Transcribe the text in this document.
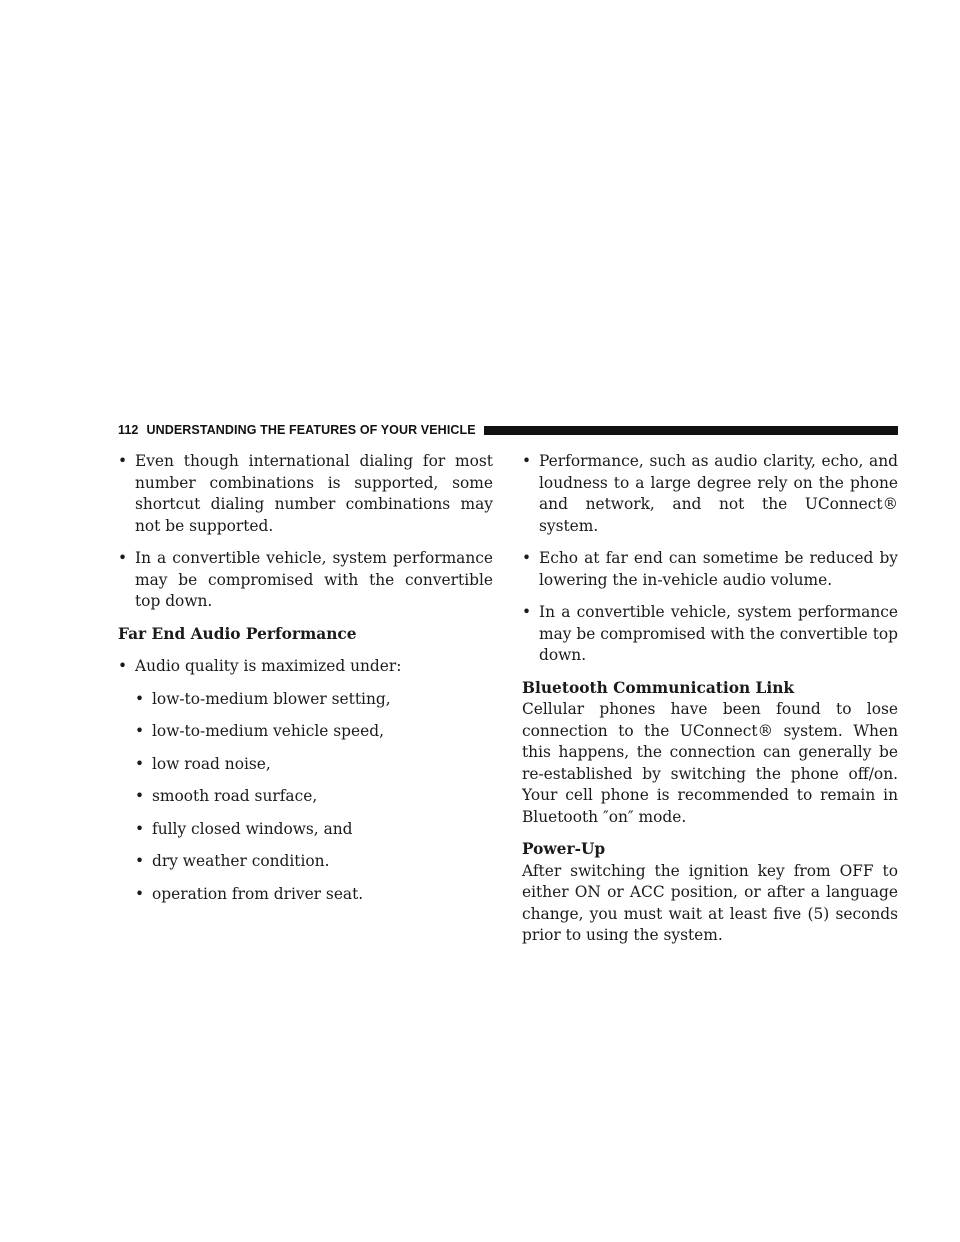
112 UNDERSTANDING THE FEATURES OF YOUR VEHICLE
• Even though international dialing for most number combinations is supported, some shortcut dialing number combinations may not be supported.
• In a convertible vehicle, system performance may be compromised with the convertible top down.

Far End Audio Performance

• Audio quality is maximized under:
• low-to-medium blower setting,
• low-to-medium vehicle speed,
• low road noise,
• smooth road surface,
• fully closed windows, and
• dry weather condition.
• operation from driver seat.
• Performance, such as audio clarity, echo, and loudness to a large degree rely on the phone and network, and not the UConnect® system.
• Echo at far end can sometime be reduced by lowering the in-vehicle audio volume.
• In a convertible vehicle, system performance may be compromised with the convertible top down.

Bluetooth Communication Link

Cellular phones have been found to lose connection to the UConnect® system. When this happens, the connection can generally be re-established by switching the phone off/on. Your cell phone is recommended to remain in Bluetooth ″on″ mode.

Power-Up

After switching the ignition key from OFF to either ON or ACC position, or after a language change, you must wait at least five (5) seconds prior to using the system.
